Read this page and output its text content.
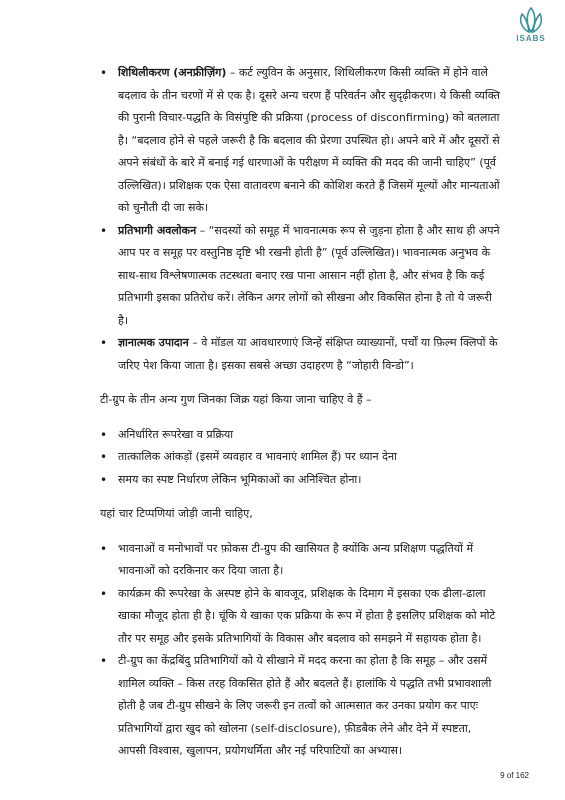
ISABS
• शिथिलीकरण (अनफ्रीज़िंग) – कर्ट ल्युविन के अनुसार, शिथिलीकरण किसी व्यक्ति में होने वाले बदलाव के तीन चरणों में से एक है। दूसरे अन्य चरण हैं परिवर्तन और सुदृढ़ीकरण। ये किसी व्यक्ति की पुरानी विचार-पद्धति के विसंपुष्टि की प्रक्रिया (process of disconfirming) को बतलाता है। “बदलाव होने से पहले जरूरी है कि बदलाव की प्रेरणा उपस्थित हो। अपने बारे में और दूसरों से अपने संबंधों के बारे में बनाई गई धारणाओं के परीक्षण में व्यक्ति की मदद की जानी चाहिए” (पूर्व उल्लिखित)। प्रशिक्षक एक ऐसा वातावरण बनाने की कोशिश करते हैं जिसमें मूल्यों और मान्यताओं को चुनौती दी जा सके।
• प्रतिभागी अवलोकन – “सदस्यों को समूह में भावनात्मक रूप से जुड़ना होता है और साथ ही अपने आप पर व समूह पर वस्तुनिष्ठ दृष्टि भी रखनी होती है” (पूर्व उल्लिखित)। भावनात्मक अनुभव के साथ-साथ विश्लेषणात्मक तटस्थता बनाए रख पाना आसान नहीं होता है, और संभव है कि कई प्रतिभागी इसका प्रतिरोध करें। लेकिन अगर लोगों को सीखना और विकसित होना है तो ये जरूरी है।
• ज्ञानात्मक उपादान – वे मॉडल या आवधारणाएं जिन्हें संक्षिप्त व्याख्यानों, पर्चों या फ़िल्म क्लिपों के जरिए पेश किया जाता है। इसका सबसे अच्छा उदाहरण है “जोहारी विन्डो”।

टी-ग्रुप के तीन अन्य गुण जिनका जिक्र यहां किया जाना चाहिए वे हैं –

• अनिर्धारित रूपरेखा व प्रक्रिया
• तात्कालिक आंकड़ों (इसमें व्यवहार व भावनाएं शामिल हैं) पर ध्यान देना
• समय का स्पष्ट निर्धारण लेकिन भूमिकाओं का अनिश्चित होना।

यहां चार टिप्पणियां जोड़ी जानी चाहिए,

• भावनाओं व मनोभावों पर फ़ोकस टी-ग्रुप की खासियत है क्योंकि अन्य प्रशिक्षण पद्धतियों में भावनाओं को दरकिनार कर दिया जाता है।
• कार्यक्रम की रूपरेखा के अस्पष्ट होने के बावजूद, प्रशिक्षक के दिमाग में इसका एक ढीला-ढाला खाका मौजूद होता ही है। चूंकि ये खाका एक प्रक्रिया के रूप में होता है इसलिए प्रशिक्षक को मोटे तौर पर समूह और इसके प्रतिभागियों के विकास और बदलाव को समझने में सहायक होता है।
• टी-ग्रुप का केंद्रबिंदु प्रतिभागियों को ये सीखाने में मदद करना का होता है कि समूह – और उसमें शामिल व्यक्ति – किस तरह विकसित होते हैं और बदलते हैं। हालांकि ये पद्धति तभी प्रभावशाली होती है जब टी-ग्रुप सीखने के लिए जरूरी इन तत्वों को आत्मसात कर उनका प्रयोग कर पाएः प्रतिभागियों द्वारा खुद को खोलना (self-disclosure), फ़ीडबैक लेने और देने में स्पष्टता, आपसी विश्वास, खुलापन, प्रयोगधर्मिता और नई परिपाटियों का अभ्यास।
9 of 162
